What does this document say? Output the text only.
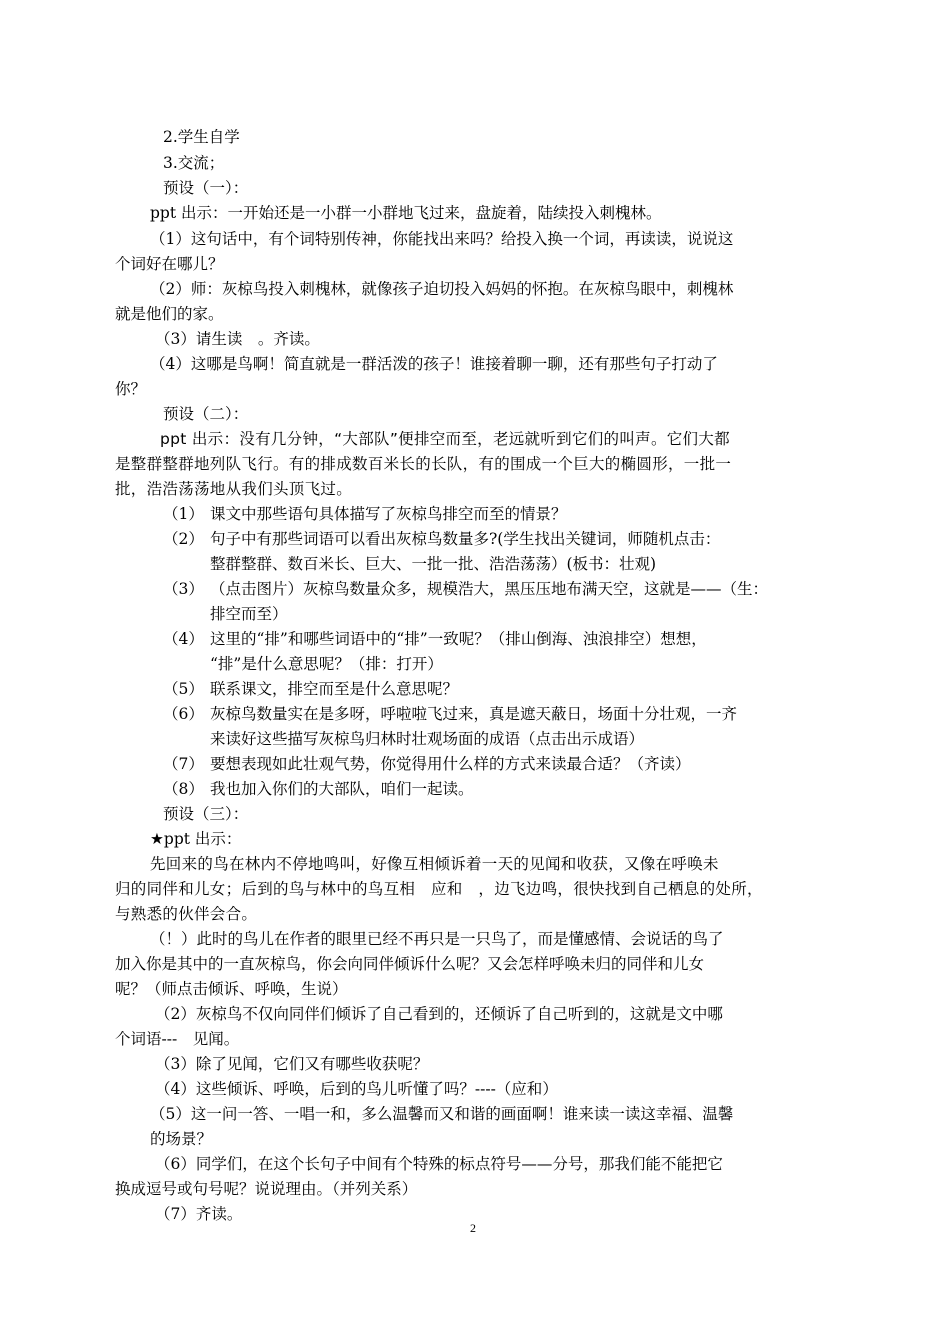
2.学生自学
3.交流；
预设（一）：
ppt 出示：一开始还是一小群一小群地飞过来，盘旋着，陆续投入刺槐林。
（1）这句话中，有个词特别传神，你能找出来吗？给投入换一个词，再读读，说说这
个词好在哪儿？
（2）师：灰椋鸟投入刺槐林，就像孩子迫切投入妈妈的怀抱。在灰椋鸟眼中，刺槐林
就是他们的家。
（3）请生读　。齐读。
（4）这哪是鸟啊！简直就是一群活泼的孩子！谁接着聊一聊，还有那些句子打动了
你？
预设（二）：
ppt 出示：没有几分钟，“大部队”便排空而至，老远就听到它们的叫声。它们大都
是整群整群地列队飞行。有的排成数百米长的长队，有的围成一个巨大的椭圆形，一批一
批，浩浩荡荡地从我们头顶飞过。
（1） 课文中那些语句具体描写了灰椋鸟排空而至的情景？
（2） 句子中有那些词语可以看出灰椋鸟数量多?(学生找出关键词，师随机点击：
整群整群、数百米长、巨大、一批一批、浩浩荡荡）(板书：壮观)
（3） （点击图片）灰椋鸟数量众多，规模浩大，黑压压地布满天空，这就是——（生：
排空而至）
（4） 这里的“排”和哪些词语中的“排”一致呢？（排山倒海、浊浪排空）想想，
“排”是什么意思呢？（排：打开）
（5） 联系课文，排空而至是什么意思呢？
（6） 灰椋鸟数量实在是多呀，呼啦啦飞过来，真是遮天蔽日，场面十分壮观，一齐
来读好这些描写灰椋鸟归林时壮观场面的成语（点击出示成语）
（7） 要想表现如此壮观气势，你觉得用什么样的方式来读最合适？（齐读）
（8） 我也加入你们的大部队，咱们一起读。
预设（三）：
★ppt 出示：
先回来的鸟在林内不停地鸣叫，好像互相倾诉着一天的见闻和收获，又像在呼唤未
归的同伴和儿女；后到的鸟与林中的鸟互相　应和　，边飞边鸣，很快找到自己栖息的处所，
与熟悉的伙伴会合。
（！）此时的鸟儿在作者的眼里已经不再只是一只鸟了，而是懂感情、会说话的鸟了
加入你是其中的一直灰椋鸟，你会向同伴倾诉什么呢？又会怎样呼唤未归的同伴和儿女
呢？（师点击倾诉、呼唤，生说）
（2）灰椋鸟不仅向同伴们倾诉了自己看到的，还倾诉了自己听到的，这就是文中哪
个词语---　见闻。
（3）除了见闻，它们又有哪些收获呢？
（4）这些倾诉、呼唤，后到的鸟儿听懂了吗？----（应和）
（5）这一问一答、一唱一和，多么温馨而又和谐的画面啊！谁来读一读这幸福、温馨
的场景？
（6）同学们，在这个长句子中间有个特殊的标点符号——分号，那我们能不能把它
换成逗号或句号呢？说说理由。（并列关系）
（7）齐读。
2
